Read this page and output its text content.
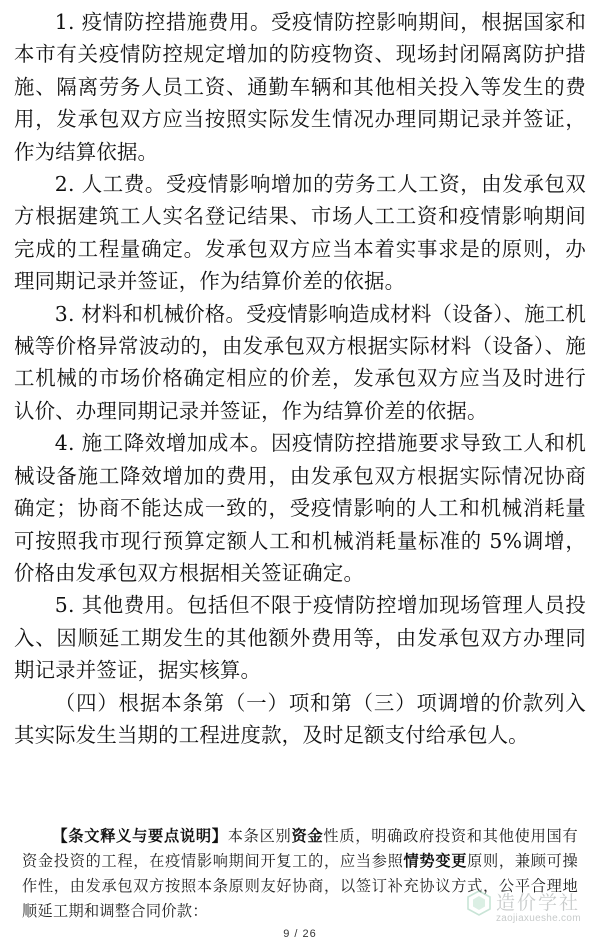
1. 疫情防控措施费用。受疫情防控影响期间，根据国家和本市有关疫情防控规定增加的防疫物资、现场封闭隔离防护措施、隔离劳务人员工资、通勤车辆和其他相关投入等发生的费用，发承包双方应当按照实际发生情况办理同期记录并签证，作为结算依据。

2. 人工费。受疫情影响增加的劳务工人工资，由发承包双方根据建筑工人实名登记结果、市场人工工资和疫情影响期间完成的工程量确定。发承包双方应当本着实事求是的原则，办理同期记录并签证，作为结算价差的依据。

3. 材料和机械价格。受疫情影响造成材料（设备）、施工机械等价格异常波动的，由发承包双方根据实际材料（设备）、施工机械的市场价格确定相应的价差，发承包双方应当及时进行认价、办理同期记录并签证，作为结算价差的依据。

4. 施工降效增加成本。因疫情防控措施要求导致工人和机械设备施工降效增加的费用，由发承包双方根据实际情况协商确定；协商不能达成一致的，受疫情影响的人工和机械消耗量可按照我市现行预算定额人工和机械消耗量标准的 5%调增，价格由发承包双方根据相关签证确定。

5. 其他费用。包括但不限于疫情防控增加现场管理人员投入、因顺延工期发生的其他额外费用等，由发承包双方办理同期记录并签证，据实核算。

（四）根据本条第（一）项和第（三）项调增的价款列入其实际发生当期的工程进度款，及时足额支付给承包人。

【条文释义与要点说明】本条区别资金性质，明确政府投资和其他使用国有资金投资的工程，在疫情影响期间开复工的，应当参照情势变更原则，兼顾可操作性，由发承包双方按照本条原则友好协商，以签订补充协议方式，公平合理地顺延工期和调整合同价款：	造价学社
zaojiaxueshe.com
9 / 26
